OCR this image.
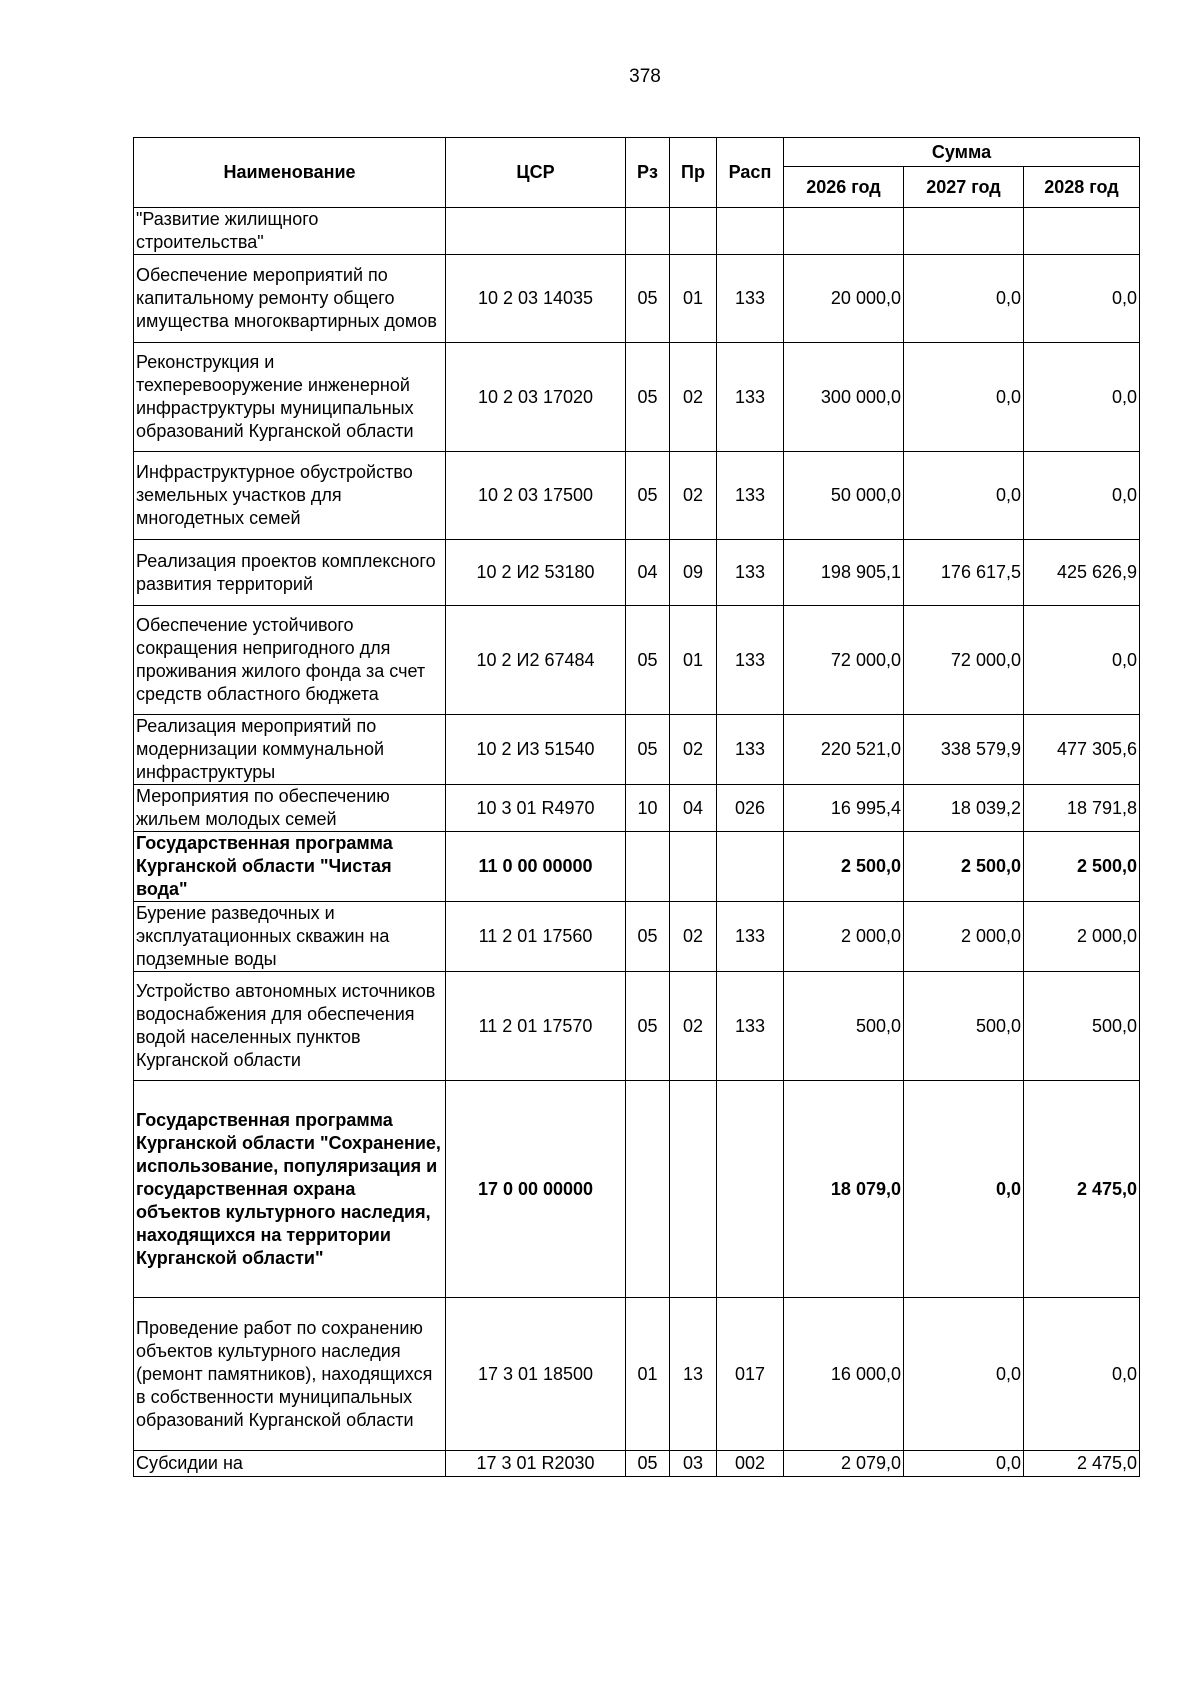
378
Наименование	ЦСР	Рз	Пр	Расп	Сумма		
					2026 год	2027 год	2028 год
"Развитие жилищного строительства"							
Обеспечение мероприятий по капитальному ремонту общего имущества многоквартирных домов	10 2 03 14035	05	01	133	20 000,0	0,0	0,0
Реконструкция и техперевооружение инженерной инфраструктуры муниципальных образований Курганской области	10 2 03 17020	05	02	133	300 000,0	0,0	0,0
Инфраструктурное обустройство земельных участков для многодетных семей	10 2 03 17500	05	02	133	50 000,0	0,0	0,0
Реализация проектов комплексного развития территорий	10 2 И2 53180	04	09	133	198 905,1	176 617,5	425 626,9
Обеспечение устойчивого сокращения непригодного для проживания жилого фонда за счет средств областного бюджета	10 2 И2 67484	05	01	133	72 000,0	72 000,0	0,0
Реализация мероприятий по модернизации коммунальной инфраструктуры	10 2 И3 51540	05	02	133	220 521,0	338 579,9	477 305,6
Мероприятия по обеспечению жильем молодых семей	10 3 01 R4970	10	04	026	16 995,4	18 039,2	18 791,8
Государственная программа Курганской области "Чистая вода"	11 0 00 00000				2 500,0	2 500,0	2 500,0
Бурение разведочных и эксплуатационных скважин на подземные воды	11 2 01 17560	05	02	133	2 000,0	2 000,0	2 000,0
Устройство автономных источников водоснабжения для обеспечения водой населенных пунктов Курганской области	11 2 01 17570	05	02	133	500,0	500,0	500,0
Государственная программа Курганской области "Сохранение, использование, популяризация и государственная охрана объектов культурного наследия, находящихся на территории Курганской области"	17 0 00 00000				18 079,0	0,0	2 475,0
Проведение работ по сохранению объектов культурного наследия (ремонт памятников), находящихся в собственности муниципальных образований Курганской области	17 3 01 18500	01	13	017	16 000,0	0,0	0,0
Субсидии на	17 3 01 R2030	05	03	002	2 079,0	0,0	2 475,0
